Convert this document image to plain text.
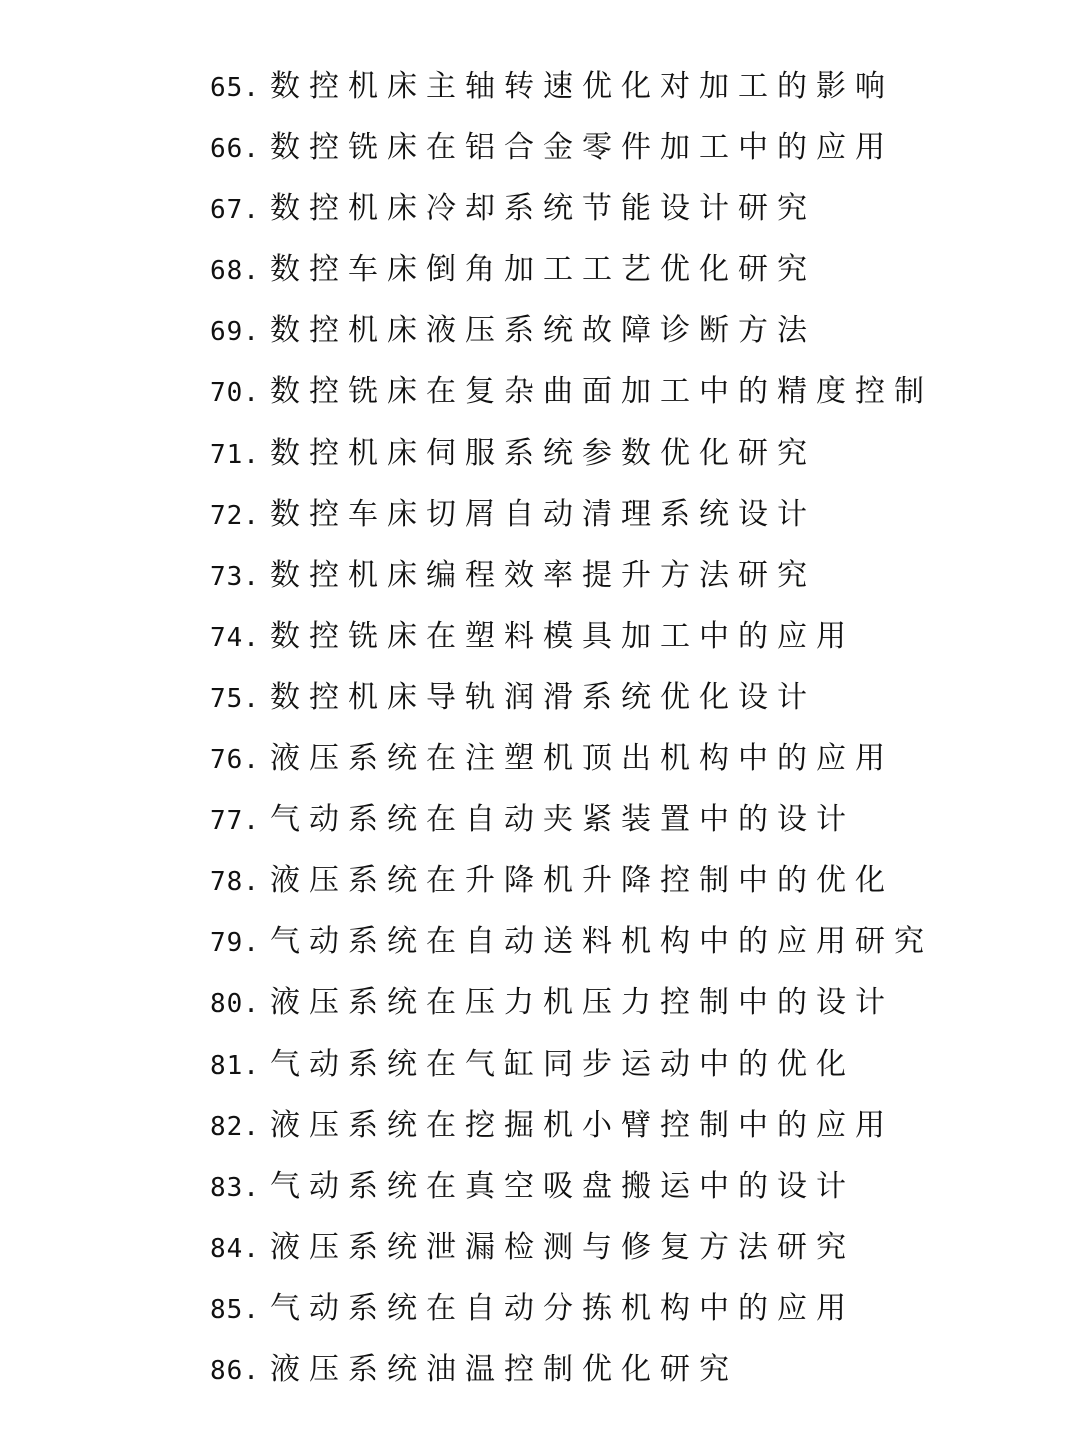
65. 数控机床主轴转速优化对加工的影响
66. 数控铣床在铝合金零件加工中的应用
67. 数控机床冷却系统节能设计研究
68. 数控车床倒角加工工艺优化研究
69. 数控机床液压系统故障诊断方法
70. 数控铣床在复杂曲面加工中的精度控制
71. 数控机床伺服系统参数优化研究
72. 数控车床切屑自动清理系统设计
73. 数控机床编程效率提升方法研究
74. 数控铣床在塑料模具加工中的应用
75. 数控机床导轨润滑系统优化设计
76. 液压系统在注塑机顶出机构中的应用
77. 气动系统在自动夹紧装置中的设计
78. 液压系统在升降机升降控制中的优化
79. 气动系统在自动送料机构中的应用研究
80. 液压系统在压力机压力控制中的设计
81. 气动系统在气缸同步运动中的优化
82. 液压系统在挖掘机小臂控制中的应用
83. 气动系统在真空吸盘搬运中的设计
84. 液压系统泄漏检测与修复方法研究
85. 气动系统在自动分拣机构中的应用
86. 液压系统油温控制优化研究
